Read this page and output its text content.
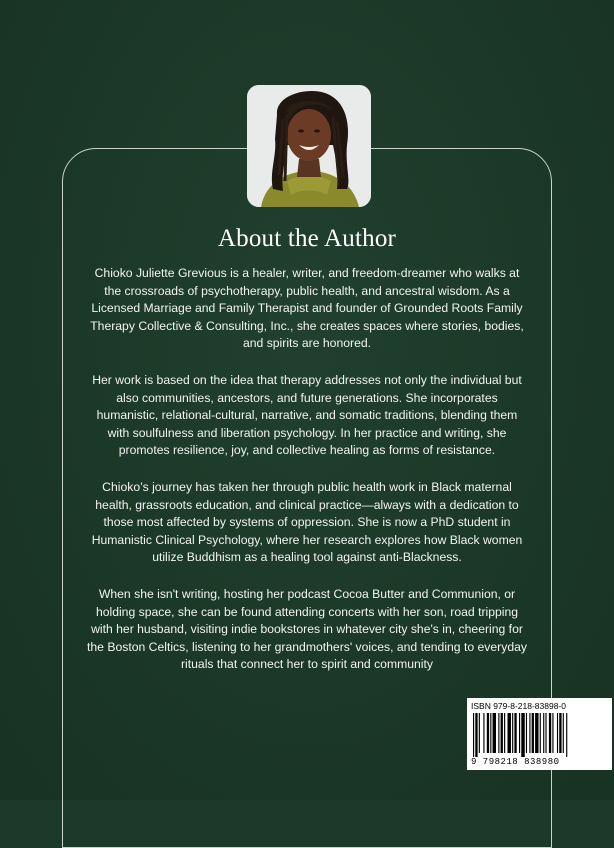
About the Author

Chioko Juliette Grevious is a healer, writer, and freedom-dreamer who walks at the crossroads of psychotherapy, public health, and ancestral wisdom. As a Licensed Marriage and Family Therapist and founder of Grounded Roots Family Therapy Collective & Consulting, Inc., she creates spaces where stories, bodies, and spirits are honored.

Her work is based on the idea that therapy addresses not only the individual but also communities, ancestors, and future generations. She incorporates humanistic, relational-cultural, narrative, and somatic traditions, blending them with soulfulness and liberation psychology. In her practice and writing, she promotes resilience, joy, and collective healing as forms of resistance.

Chioko’s journey has taken her through public health work in Black maternal health, grassroots education, and clinical practice—always with a dedication to those most affected by systems of oppression. She is now a PhD student in Humanistic Clinical Psychology, where her research explores how Black women utilize Buddhism as a healing tool against anti-Blackness.

When she isn't writing, hosting her podcast Cocoa Butter and Communion, or holding space, she can be found attending concerts with her son, road tripping with her husband, visiting indie bookstores in whatever city she's in, cheering for the Boston Celtics, listening to her grandmothers' voices, and tending to everyday rituals that connect her to spirit and community

ISBN 979-8-218-83898-0
9 798218 838980
